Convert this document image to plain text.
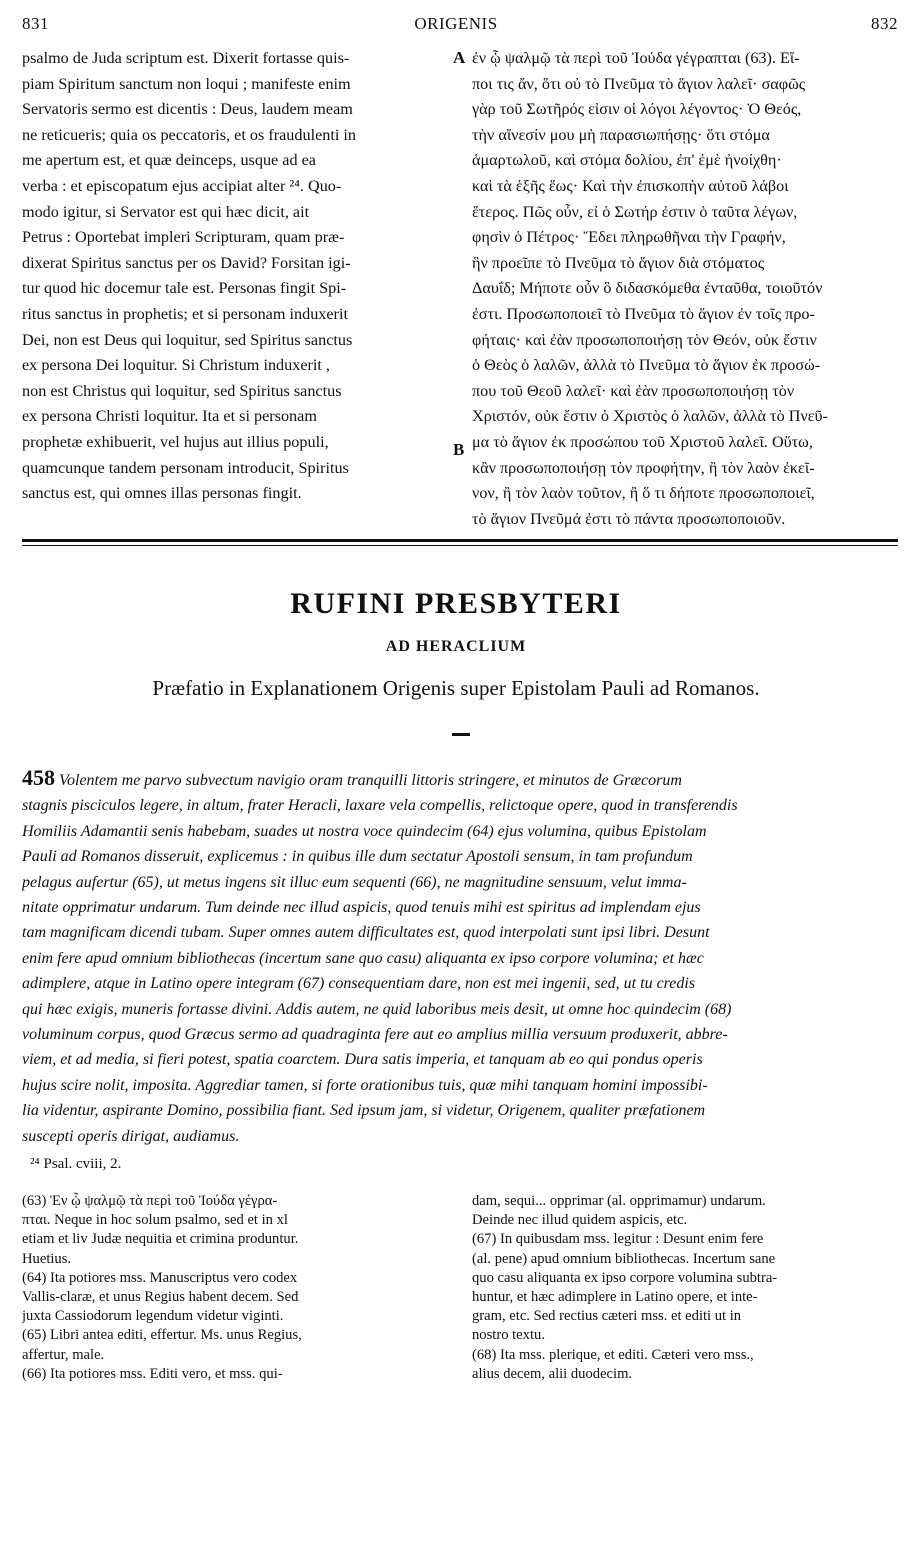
831	ORIGENIS	832
psalmo de Juda scriptum est. Dixerit fortasse quis-
piam Spiritum sanctum non loqui ; manifeste enim
Servatoris sermo est dicentis : Deus, laudem meam
ne reticueris; quia os peccatoris, et os fraudulenti in
me apertum est, et quæ deinceps, usque ad ea
verba : et episcopatum ejus accipiat alter ²⁴. Quo-
modo igitur, si Servator est qui hæc dicit, ait
Petrus : Oportebat impleri Scripturam, quam præ-
dixerat Spiritus sanctus per os David? Forsitan igi-
tur quod hic docemur tale est. Personas fingit Spi-
ritus sanctus in prophetis; et si personam induxerit
Dei, non est Deus qui loquitur, sed Spiritus sanctus
ex persona Dei loquitur. Si Christum induxerit ,
non est Christus qui loquitur, sed Spiritus sanctus
ex persona Christi loquitur. Ita et si personam
prophetæ exhibuerit, vel hujus aut illius populi,
quamcunque tandem personam introducit, Spiritus
sanctus est, qui omnes illas personas fingit.
A
B
ἐν ᾧ ψαλμῷ τὰ περὶ τοῦ Ἰούδα γέγραπται (63). Εἴ-
ποι τις ἄν, ὅτι οὐ τὸ Πνεῦμα τὸ ἅγιον λαλεῖ· σαφῶς
γὰρ τοῦ Σωτῆρός εἰσιν οἱ λόγοι λέγοντος· Ὁ Θεός,
τὴν αἴνεσίν μου μὴ παρασιωπήσῃς· ὅτι στόμα
ἁμαρτωλοῦ, καὶ στόμα δολίου, ἐπ' ἐμὲ ἠνοίχθη·
καὶ τὰ ἑξῆς ἕως· Καὶ τὴν ἐπισκοπὴν αὐτοῦ λάβοι
ἕτερος. Πῶς οὖν, εἰ ὁ Σωτήρ ἐστιν ὁ ταῦτα λέγων,
φησὶν ὁ Πέτρος· Ἔδει πληρωθῆναι τὴν Γραφήν,
ἣν προεῖπε τὸ Πνεῦμα τὸ ἅγιον διὰ στόματος
Δαυΐδ; Μήποτε οὖν ὃ διδασκόμεθα ἐνταῦθα, τοιοῦτόν
ἐστι. Προσωποποιεῖ τὸ Πνεῦμα τὸ ἅγιον ἐν τοῖς προ-
φήταις· καὶ ἐὰν προσωποποιήσῃ τὸν Θεόν, οὐκ ἔστιν
ὁ Θεὸς ὁ λαλῶν, ἀλλὰ τὸ Πνεῦμα τὸ ἅγιον ἐκ προσώ-
που τοῦ Θεοῦ λαλεῖ· καὶ ἐὰν προσωποποιήσῃ τὸν
Χριστόν, οὐκ ἔστιν ὁ Χριστὸς ὁ λαλῶν, ἀλλὰ τὸ Πνεῦ-
μα τὸ ἅγιον ἐκ προσώπου τοῦ Χριστοῦ λαλεῖ. Οὕτω,
κἂν προσωποποιήσῃ τὸν προφήτην, ἢ τὸν λαὸν ἐκεῖ-
νον, ἢ τὸν λαὸν τοῦτον, ἢ ὅ τι δήποτε προσωποποιεῖ,
τὸ ἅγιον Πνεῦμά ἐστι τὸ πάντα προσωποποιοῦν.
RUFINI PRESBYTERI
AD HERACLIUM
Præfatio in Explanationem Origenis super Epistolam Pauli ad Romanos.
458 Volentem me parvo subvectum navigio oram tranquilli littoris stringere, et minutos de Græcorum
stagnis pisciculos legere, in altum, frater Heracli, laxare vela compellis, relictoque opere, quod in transferendis
Homiliis Adamantii senis habebam, suades ut nostra voce quindecim (64) ejus volumina, quibus Epistolam
Pauli ad Romanos disseruit, explicemus : in quibus ille dum sectatur Apostoli sensum, in tam profundum
pelagus aufertur (65), ut metus ingens sit illuc eum sequenti (66), ne magnitudine sensuum, velut imma-
nitate opprimatur undarum. Tum deinde nec illud aspicis, quod tenuis mihi est spiritus ad implendam ejus
tam magnificam dicendi tubam. Super omnes autem difficultates est, quod interpolati sunt ipsi libri. Desunt
enim fere apud omnium bibliothecas (incertum sane quo casu) aliquanta ex ipso corpore volumina; et hæc
adimplere, atque in Latino opere integram (67) consequentiam dare, non est mei ingenii, sed, ut tu credis
qui hæc exigis, muneris fortasse divini. Addis autem, ne quid laboribus meis desit, ut omne hoc quindecim (68)
voluminum corpus, quod Græcus sermo ad quadraginta fere aut eo amplius millia versuum produxerit, abbre-
viem, et ad media, si fieri potest, spatia coarctem. Dura satis imperia, et tanquam ab eo qui pondus operis
hujus scire nolit, imposita. Aggrediar tamen, si forte orationibus tuis, quæ mihi tanquam homini impossibi-
lia videntur, aspirante Domino, possibilia fiant. Sed ipsum jam, si videtur, Origenem, qualiter præfationem
suscepti operis dirigat, audiamus.
²⁴ Psal. cviii, 2.
(63) Ἐν ᾧ ψαλμῷ τὰ περὶ τοῦ Ἰούδα γέγρα-
πται. Neque in hoc solum psalmo, sed et in xl
etiam et liv Judæ nequitia et crimina produntur.
Huetius.
(64) Ita potiores mss. Manuscriptus vero codex
Vallis-claræ, et unus Regius habent decem. Sed
juxta Cassiodorum legendum videtur viginti.
(65) Libri antea editi, effertur. Ms. unus Regius,
affertur, male.
(66) Ita potiores mss. Editi vero, et mss. qui-
dam, sequi... opprimar (al. opprimamur) undarum.
Deinde nec illud quidem aspicis, etc.
(67) In quibusdam mss. legitur : Desunt enim fere
(al. pene) apud omnium bibliothecas. Incertum sane
quo casu aliquanta ex ipso corpore volumina subtra-
huntur, et hæc adimplere in Latino opere, et inte-
gram, etc. Sed rectius cæteri mss. et editi ut in
nostro textu.
(68) Ita mss. plerique, et editi. Cæteri vero mss.,
alius decem, alii duodecim.
